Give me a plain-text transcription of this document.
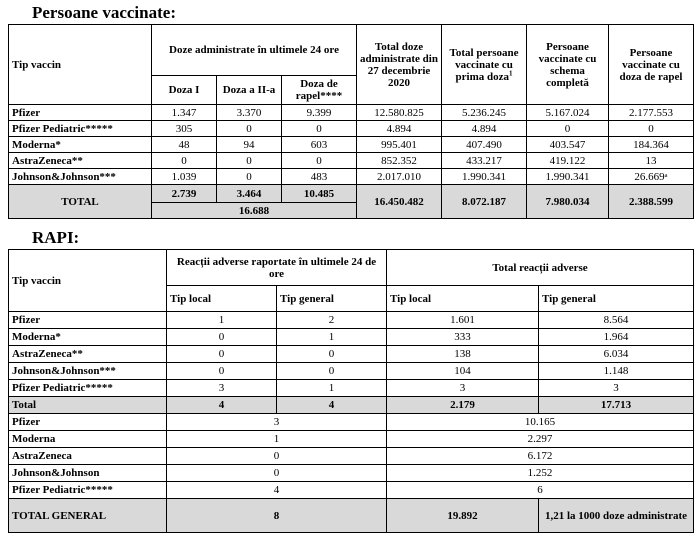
Persoane vaccinate:
Tip vaccin	Doze administrate în ultimele 24 ore			Total doze administrate din 27 decembrie 2020	Total persoane vaccinate cu prima doza$^1$	Persoane vaccinate cu schema completă	Persoane vaccinate cu doza de rapel
	Doza I	Doza a II-a	Doza de rapel****				
Pfizer	1.347	3.370	9.399	12.580.825	5.236.245	5.167.024	2.177.553
Pfizer Pediatric*****	305	0	0	4.894	4.894	0	0
Moderna*	48	94	603	995.401	407.490	403.547	184.364
AstraZeneca**	0	0	0	852.352	433.217	419.122	13
Johnson&Johnson***	1.039	0	483	2.017.010	1.990.341	1.990.341	26.669ᵃ
TOTAL	2.739	3.464	10.485	16.450.482	8.072.187	7.980.034	2.388.599
	16.688						
RAPI:
Tip vaccin	Reacții adverse raportate în ultimele 24 de ore		Total reacții adverse	
	Tip local	Tip general	Tip local	Tip general
Pfizer	1	2	1.601	8.564
Moderna*	0	1	333	1.964
AstraZeneca**	0	0	138	6.034
Johnson&Johnson***	0	0	104	1.148
Pfizer Pediatric*****	3	1	3	3
Total	4	4	2.179	17.713
Pfizer	3		10.165	
Moderna	1		2.297	
AstraZeneca	0		6.172	
Johnson&Johnson	0		1.252	
Pfizer Pediatric*****	4		6	
TOTAL GENERAL	8		19.892	1,21 la 1000 doze administrate
